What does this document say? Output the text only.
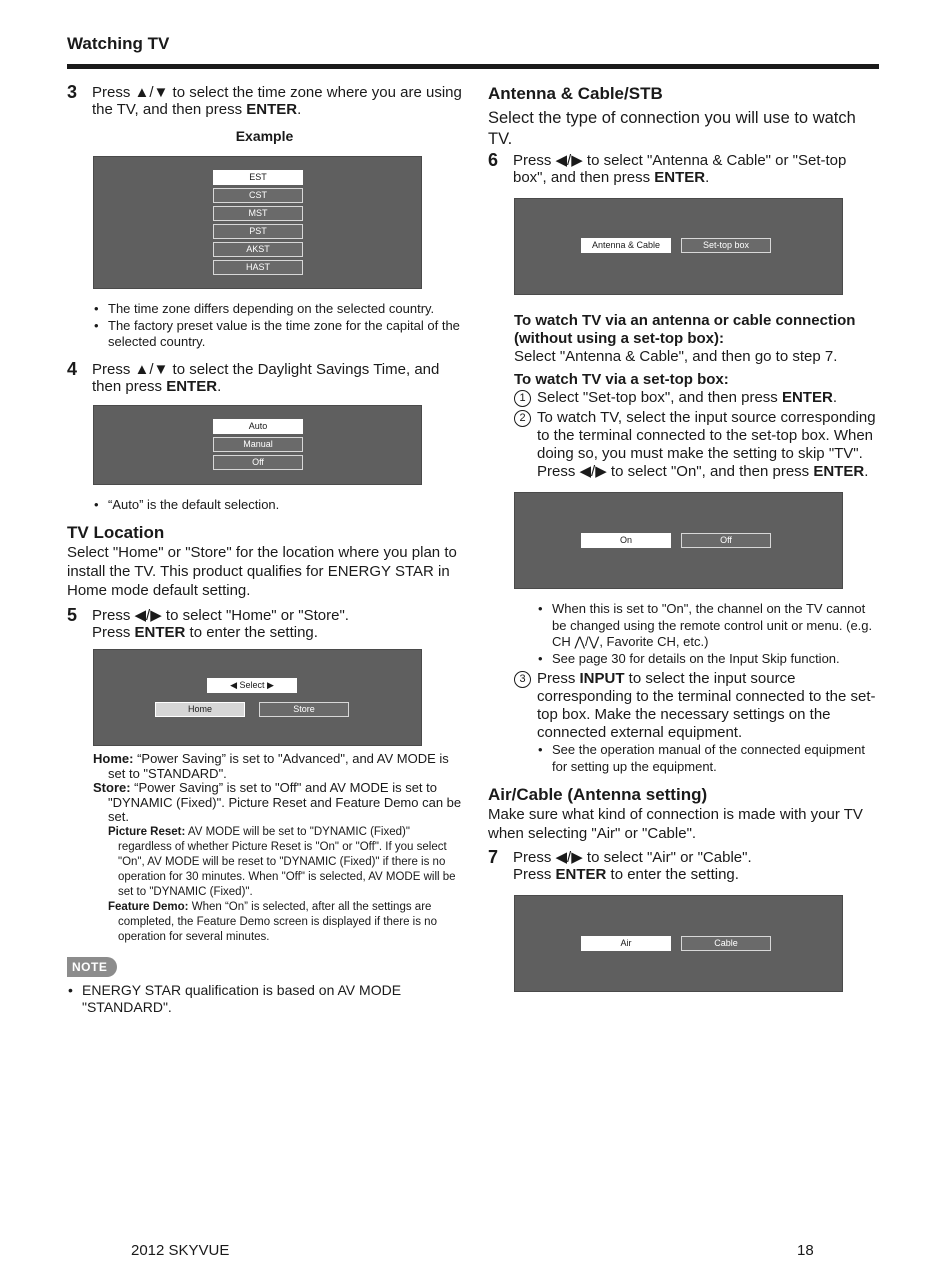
Watching TV
3 Press ▲/▼ to select the time zone where you are using the TV, and then press ENTER.
Example
EST
CST
MST
PST
AKST
HAST
• The time zone differs depending on the selected country.
• The factory preset value is the time zone for the capital of the selected country.
4 Press ▲/▼ to select the Daylight Savings Time, and then press ENTER.
Auto
Manual
Off
• “Auto” is the default selection.
TV Location
Select "Home" or "Store" for the location where you plan to install the TV. This product qualifies for ENERGY STAR in Home mode default setting.
5 Press ◀/▶ to select "Home" or "Store".
Press ENTER to enter the setting.
◀ Select ▶
Home	Store
Home: “Power Saving” is set to "Advanced", and AV MODE is set to "STANDARD".
Store: “Power Saving” is set to "Off" and AV MODE is set to "DYNAMIC (Fixed)". Picture Reset and Feature Demo can be set.
Picture Reset: AV MODE will be set to "DYNAMIC (Fixed)" regardless of whether Picture Reset is "On" or "Off". If you select "On", AV MODE will be reset to "DYNAMIC (Fixed)" if there is no operation for 30 minutes. When "Off" is selected, AV MODE will be set to "DYNAMIC (Fixed)".
Feature Demo: When “On” is selected, after all the settings are completed, the Feature Demo screen is displayed if there is no operation for several minutes.
NOTE
• ENERGY STAR qualification is based on AV MODE "STANDARD".
Antenna & Cable/STB
Select the type of connection you will use to watch TV.
6 Press ◀/▶ to select "Antenna & Cable" or "Set-top box", and then press ENTER.
Antenna & Cable	Set-top box
To watch TV via an antenna or cable connection (without using a set-top box):
Select "Antenna & Cable", and then go to step 7.
To watch TV via a set-top box:
1 Select "Set-top box", and then press ENTER.
2 To watch TV, select the input source corresponding to the terminal connected to the set-top box. When doing so, you must make the setting to skip "TV". Press ◀/▶ to select "On", and then press ENTER.
On	Off
• When this is set to "On", the channel on the TV cannot be changed using the remote control unit or menu. (e.g. CH ⋀/⋁, Favorite CH, etc.)
• See page 30 for details on the Input Skip function.
3 Press INPUT to select the input source corresponding to the terminal connected to the set-top box. Make the necessary settings on the connected external equipment.
• See the operation manual of the connected equipment for setting up the equipment.
Air/Cable (Antenna setting)
Make sure what kind of connection is made with your TV when selecting "Air" or "Cable".
7 Press ◀/▶ to select "Air" or "Cable".
Press ENTER to enter the setting.
Air	Cable
2012 SKYVUE	18
